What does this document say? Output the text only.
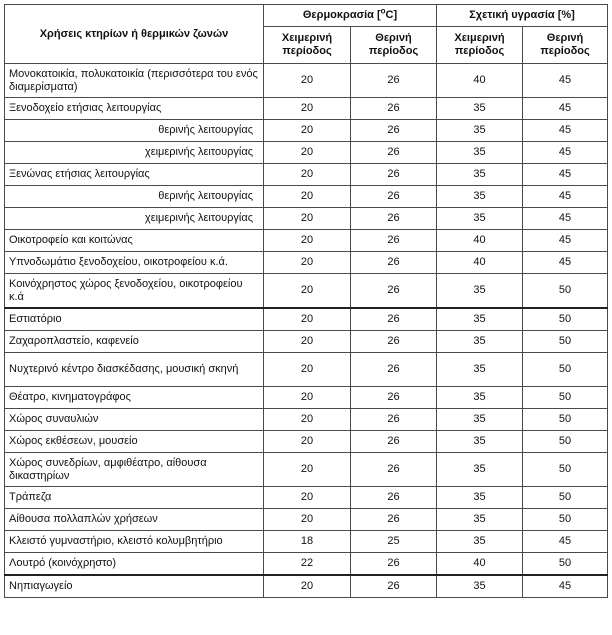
Χρήσεις κτηρίων ή θερμικών ζωνών	Θερμοκρασία [$^o$C]		Σχετική υγρασία [%]	
	Χειμερινή περίοδος	Θερινή περίοδος	Χειμερινή περίοδος	Θερινή περίοδος
Μονοκατοικία, πολυκατοικία (περισσότερα του ενός διαμερίσματα)	20	26	40	45
Ξενοδοχείο ετήσιας λειτουργίας	20	26	35	45
θερινής λειτουργίας	20	26	35	45
χειμερινής λειτουργίας	20	26	35	45
Ξενώνας ετήσιας λειτουργίας	20	26	35	45
θερινής λειτουργίας	20	26	35	45
χειμερινής λειτουργίας	20	26	35	45
Οικοτροφείο και κοιτώνας	20	26	40	45
Υπνοδωμάτιο ξενοδοχείου, οικοτροφείου κ.ά.	20	26	40	45
Κοινόχρηστος χώρος ξενοδοχείου, οικοτροφείου κ.ά	20	26	35	50
Εστιατόριο	20	26	35	50
Ζαχαροπλαστείο, καφενείο	20	26	35	50
Νυχτερινό κέντρο διασκέδασης, μουσική σκηνή	20	26	35	50
Θέατρο, κινηματογράφος	20	26	35	50
Χώρος συναυλιών	20	26	35	50
Χώρος εκθέσεων, μουσείο	20	26	35	50
Χώρος συνεδρίων, αμφιθέατρο, αίθουσα δικαστηρίων	20	26	35	50
Τράπεζα	20	26	35	50
Αίθουσα πολλαπλών χρήσεων	20	26	35	50
Κλειστό γυμναστήριο, κλειστό κολυμβητήριο	18	25	35	45
Λουτρό (κοινόχρηστο)	22	26	40	50
Νηπιαγωγείο	20	26	35	45
